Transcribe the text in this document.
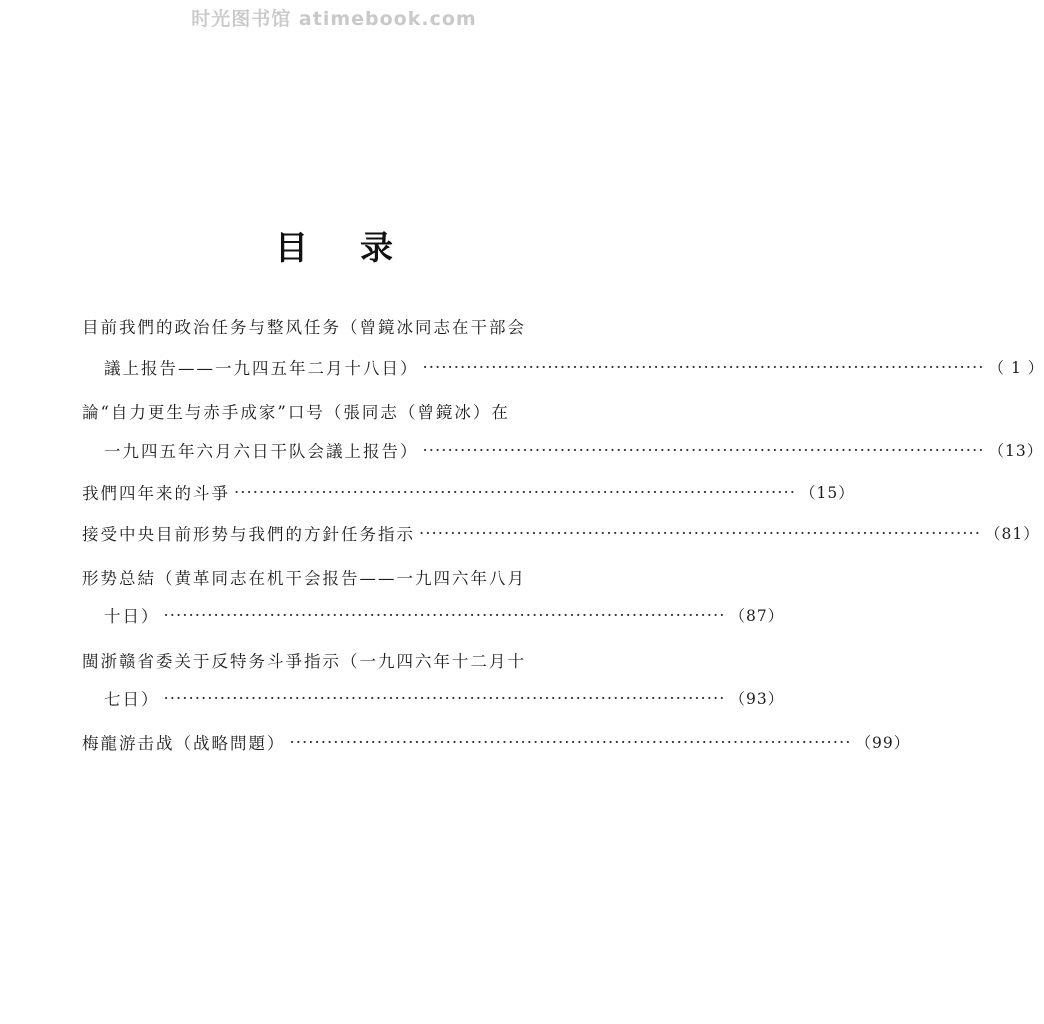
时光图书馆 atimebook.com
目录
目前我們的政治任务与整风任务（曾鏡冰同志在干部会
議上报告——一九四五年二月十八日） ·························································································· （ 1 ）
論“自力更生与赤手成家”口号（張同志（曾鏡冰）在
一九四五年六月六日干队会議上报告） ·························································································· （13）
我們四年来的斗爭 ·························································································· （15）
接受中央目前形势与我們的方針任务指示 ·························································································· （81）
形势总結（黄革同志在机干会报告——一九四六年八月
十日） ·························································································· （87）
閩浙赣省委关于反特务斗爭指示（一九四六年十二月十
七日） ·························································································· （93）
梅龍游击战（战略問題） ·························································································· （99）
